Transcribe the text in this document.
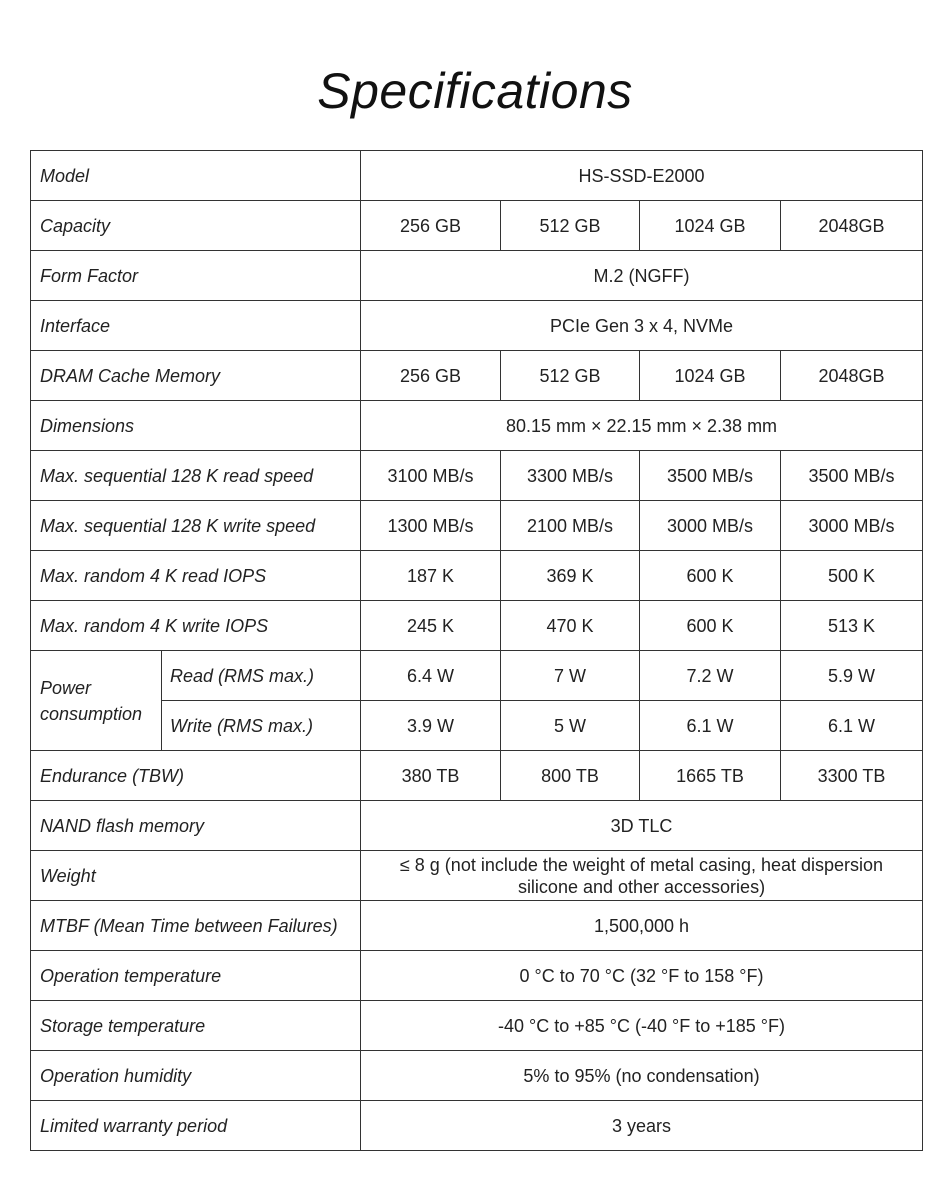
Specifications
Model		HS-SSD-E2000			
Capacity		256 GB	512 GB	1024 GB	2048GB
Form Factor		M.2 (NGFF)			
Interface		PCIe Gen 3 x 4, NVMe			
DRAM Cache Memory		256 GB	512 GB	1024 GB	2048GB
Dimensions		80.15 mm × 22.15 mm × 2.38 mm			
Max. sequential 128 K read speed		3100 MB/s	3300 MB/s	3500 MB/s	3500 MB/s
Max. sequential 128 K write speed		1300 MB/s	2100 MB/s	3000 MB/s	3000 MB/s
Max. random 4 K read IOPS		187 K	369 K	600 K	500 K
Max. random 4 K write IOPS		245 K	470 K	600 K	513 K
Power consumption	Read (RMS max.)	6.4 W	7 W	7.2 W	5.9 W
	Write (RMS max.)	3.9 W	5 W	6.1 W	6.1 W
Endurance (TBW)		380 TB	800 TB	1665 TB	3300 TB
NAND flash memory		3D TLC			
Weight		≤ 8 g (not include the weight of metal casing, heat dispersion silicone and other accessories)			
MTBF (Mean Time between Failures)		1,500,000 h			
Operation temperature		0 °C to 70 °C (32 °F to 158 °F)			
Storage temperature		-40 °C to +85 °C (-40 °F to +185 °F)			
Operation humidity		5% to 95% (no condensation)			
Limited warranty period		3 years			
